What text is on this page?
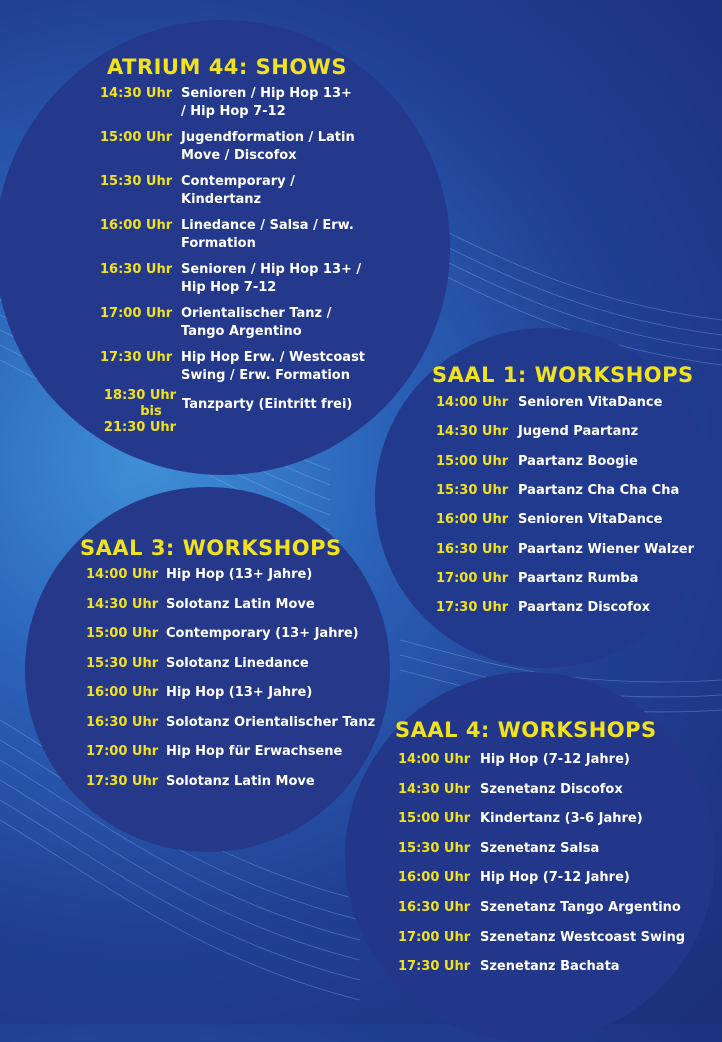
ATRIUM 44: SHOWS
14:30 Uhr Senioren / Hip Hop 13+
/ Hip Hop 7-12
15:00 Uhr Jugendformation / Latin
Move / Discofox
15:30 Uhr Contemporary /
Kindertanz
16:00 Uhr Linedance / Salsa / Erw.
Formation
16:30 Uhr Senioren / Hip Hop 13+ /
Hip Hop 7-12
17:00 Uhr Orientalischer Tanz /
Tango Argentino
17:30 Uhr Hip Hop Erw. / Westcoast
Swing / Erw. Formation
18:30 Uhr
bis
21:30 Uhr
Tanzparty (Eintritt frei)
SAAL 1: WORKSHOPS
14:00 Uhr Senioren VitaDance
14:30 Uhr Jugend Paartanz
15:00 Uhr Paartanz Boogie
15:30 Uhr Paartanz Cha Cha Cha
16:00 Uhr Senioren VitaDance
16:30 Uhr Paartanz Wiener Walzer
17:00 Uhr Paartanz Rumba
17:30 Uhr Paartanz Discofox
SAAL 3: WORKSHOPS
14:00 Uhr Hip Hop (13+ Jahre)
14:30 Uhr Solotanz Latin Move
15:00 Uhr Contemporary (13+ Jahre)
15:30 Uhr Solotanz Linedance
16:00 Uhr Hip Hop (13+ Jahre)
16:30 Uhr Solotanz Orientalischer Tanz
17:00 Uhr Hip Hop für Erwachsene
17:30 Uhr Solotanz Latin Move
SAAL 4: WORKSHOPS
14:00 Uhr Hip Hop (7-12 Jahre)
14:30 Uhr Szenetanz Discofox
15:00 Uhr Kindertanz (3-6 Jahre)
15:30 Uhr Szenetanz Salsa
16:00 Uhr Hip Hop (7-12 Jahre)
16:30 Uhr Szenetanz Tango Argentino
17:00 Uhr Szenetanz Westcoast Swing
17:30 Uhr Szenetanz Bachata
